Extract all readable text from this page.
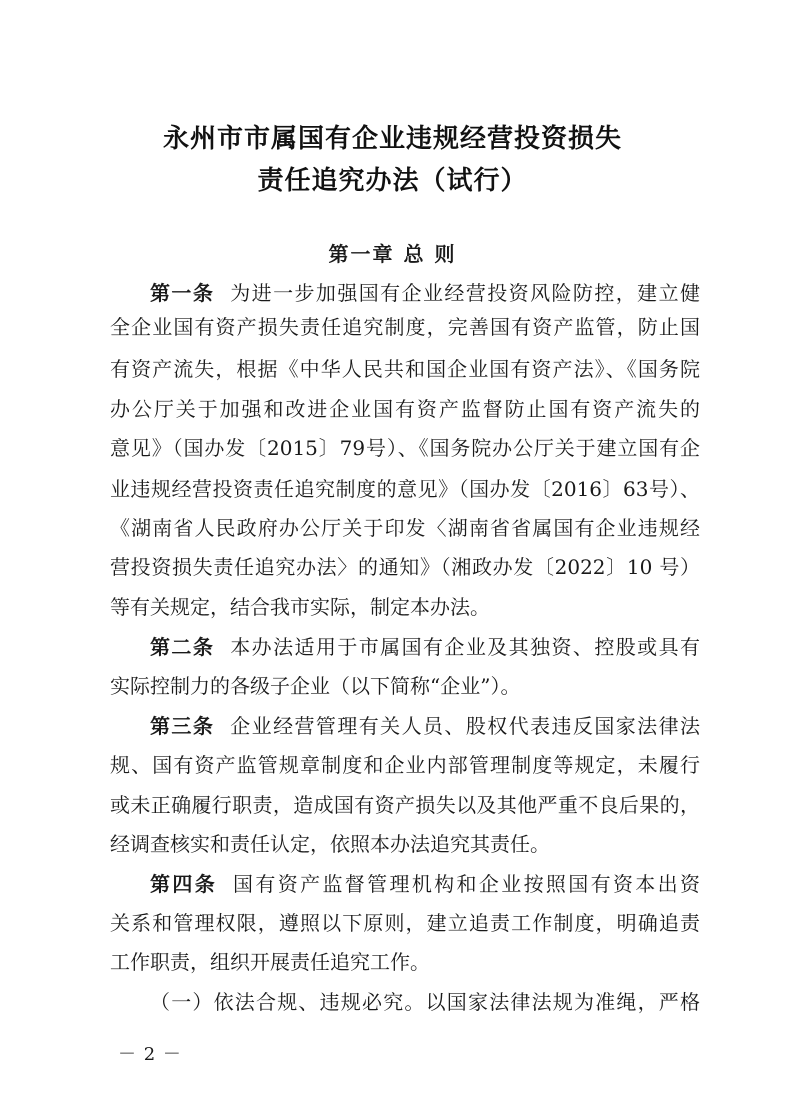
永州市市属国有企业违规经营投资损失
责任追究办法（试行）
第一章 总 则
第一条 为进一步加强国有企业经营投资风险防控，建立健
全企业国有资产损失责任追究制度，完善国有资产监管，防止国
有资产流失，根据《中华人民共和国企业国有资产法》、《国务院
办公厅关于加强和改进企业国有资产监督防止国有资产流失的
意见》（国办发〔2015〕79号）、《国务院办公厅关于建立国有企
业违规经营投资责任追究制度的意见》（国办发〔2016〕63号）、
《湖南省人民政府办公厅关于印发〈湖南省省属国有企业违规经
营投资损失责任追究办法〉的通知》（湘政办发〔2022〕10 号）
等有关规定，结合我市实际，制定本办法。
第二条 本办法适用于市属国有企业及其独资、控股或具有
实际控制力的各级子企业（以下简称“企业”）。
第三条 企业经营管理有关人员、股权代表违反国家法律法
规、国有资产监管规章制度和企业内部管理制度等规定，未履行
或未正确履行职责，造成国有资产损失以及其他严重不良后果的，
经调查核实和责任认定，依照本办法追究其责任。
第四条 国有资产监督管理机构和企业按照国有资本出资
关系和管理权限，遵照以下原则，建立追责工作制度，明确追责
工作职责，组织开展责任追究工作。
（一）依法合规、违规必究。以国家法律法规为准绳，严格
－ 2 －
